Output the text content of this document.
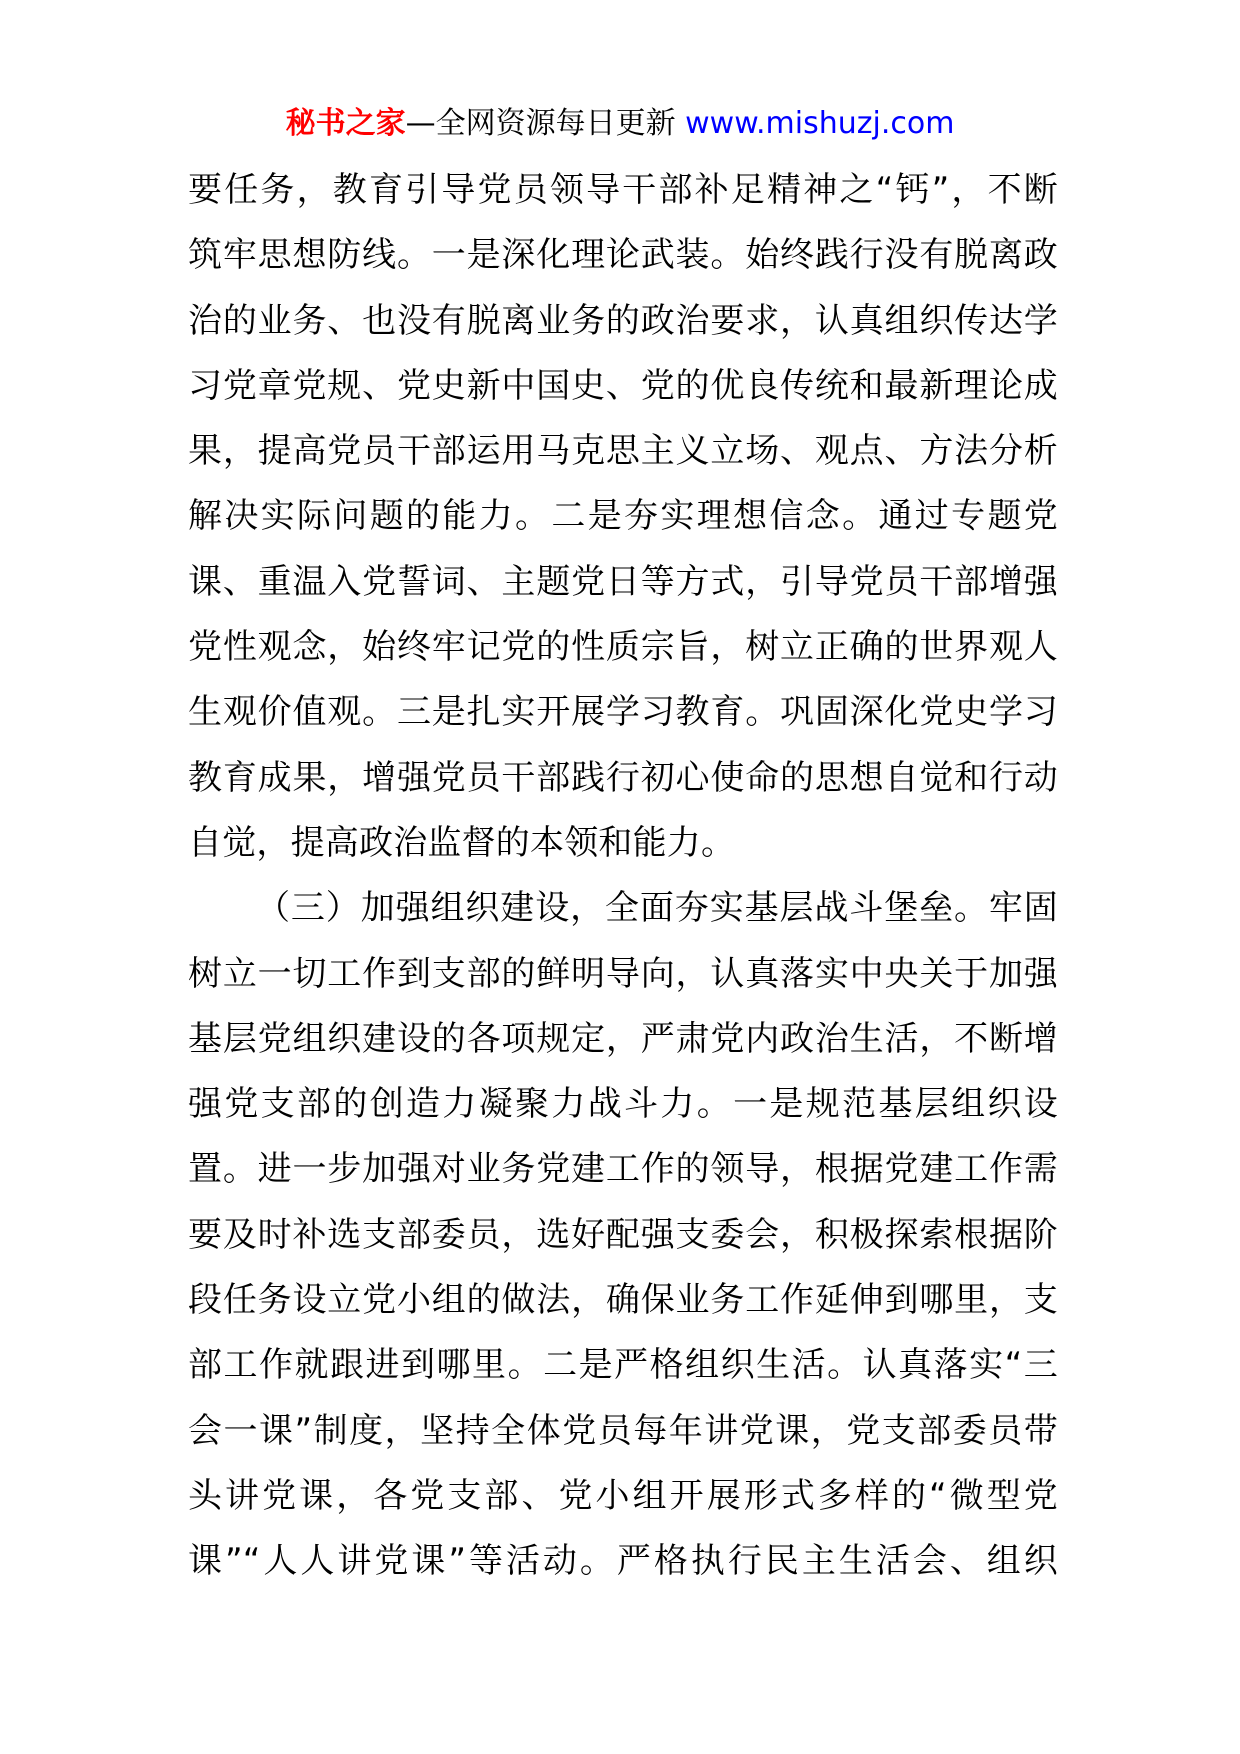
秘书之家—全网资源每日更新 www.mishuzj.com
要任务，教育引导党员领导干部补足精神之“钙”，不断
筑牢思想防线。一是深化理论武装。始终践行没有脱离政
治的业务、也没有脱离业务的政治要求，认真组织传达学
习党章党规、党史新中国史、党的优良传统和最新理论成
果，提高党员干部运用马克思主义立场、观点、方法分析
解决实际问题的能力。二是夯实理想信念。通过专题党
课、重温入党誓词、主题党日等方式，引导党员干部增强
党性观念，始终牢记党的性质宗旨，树立正确的世界观人
生观价值观。三是扎实开展学习教育。巩固深化党史学习
教育成果，增强党员干部践行初心使命的思想自觉和行动
自觉，提高政治监督的本领和能力。
（三）加强组织建设，全面夯实基层战斗堡垒。牢固
树立一切工作到支部的鲜明导向，认真落实中央关于加强
基层党组织建设的各项规定，严肃党内政治生活，不断增
强党支部的创造力凝聚力战斗力。一是规范基层组织设
置。进一步加强对业务党建工作的领导，根据党建工作需
要及时补选支部委员，选好配强支委会，积极探索根据阶
段任务设立党小组的做法，确保业务工作延伸到哪里，支
部工作就跟进到哪里。二是严格组织生活。认真落实“三
会一课”制度，坚持全体党员每年讲党课，党支部委员带
头讲党课，各党支部、党小组开展形式多样的“微型党
课”“人人讲党课”等活动。严格执行民主生活会、组织
